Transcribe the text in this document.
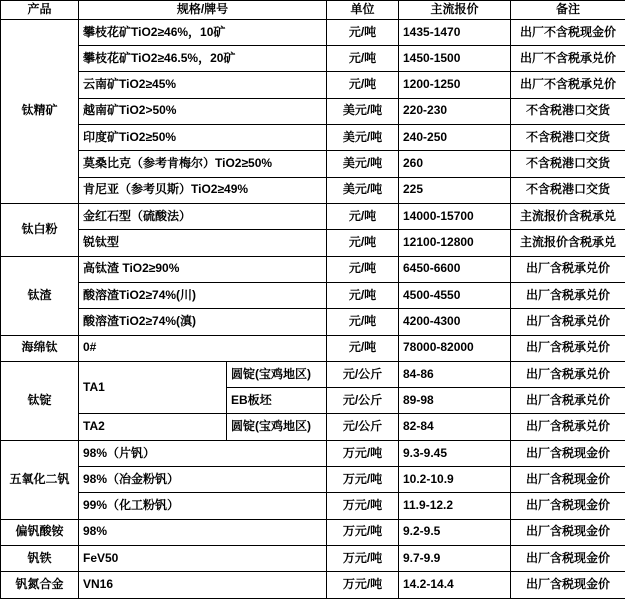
产品	规格/牌号		单位	主流报价	备注
钛精矿	攀枝花矿TiO2≥46%，10矿		元/吨	1435-1470	出厂不含税现金价
	攀枝花矿TiO2≥46.5%，20矿		元/吨	1450-1500	出厂不含税承兑价
	云南矿TiO2≥45%		元/吨	1200-1250	出厂不含税承兑价
	越南矿TiO2>50%		美元/吨	220-230	不含税港口交货
	印度矿TiO2≥50%		美元/吨	240-250	不含税港口交货
	莫桑比克（参考肯梅尔）TiO2≥50%		美元/吨	260	不含税港口交货
	肯尼亚（参考贝斯）TiO2≥49%		美元/吨	225	不含税港口交货
钛白粉	金红石型（硫酸法）		元/吨	14000-15700	主流报价含税承兑
	锐钛型		元/吨	12100-12800	主流报价含税承兑
钛渣	高钛渣 TiO2≥90%		元/吨	6450-6600	出厂含税承兑价
	酸溶渣TiO2≥74%(川)		元/吨	4500-4550	出厂含税承兑价
	酸溶渣TiO2≥74%(滇)		元/吨	4200-4300	出厂含税承兑价
海绵钛	0#		元/吨	78000-82000	出厂含税承兑价
钛锭	TA1	圆锭(宝鸡地区)	元/公斤	84-86	出厂含税承兑价
		EB板坯	元/公斤	89-98	出厂含税承兑价
	TA2	圆锭(宝鸡地区)	元/公斤	82-84	出厂含税承兑价
五氧化二钒	98%（片钒）		万元/吨	9.3-9.45	出厂含税现金价
	98%（冶金粉钒）		万元/吨	10.2-10.9	出厂含税现金价
	99%（化工粉钒）		万元/吨	11.9-12.2	出厂含税现金价
偏钒酸铵	98%		万元/吨	9.2-9.5	出厂含税现金价
钒铁	FeV50		万元/吨	9.7-9.9	出厂含税现金价
钒氮合金	VN16		万元/吨	14.2-14.4	出厂含税现金价
